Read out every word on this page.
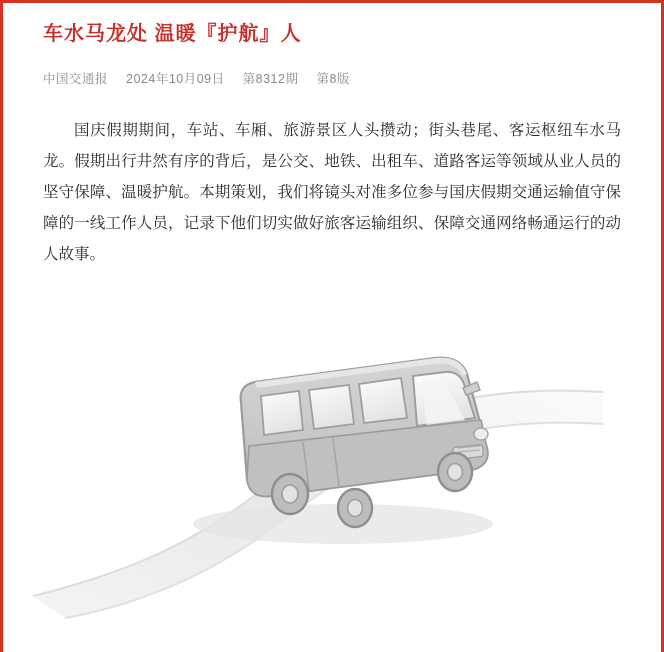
车水马龙处 温暖『护航』人
中国交通报 2024年10月09日 第8312期 第8版

国庆假期期间，车站、车厢、旅游景区人头攒动；街头巷尾、客运枢纽车水马龙。假期出行井然有序的背后，是公交、地铁、出租车、道路客运等领域从业人员的坚守保障、温暖护航。本期策划，我们将镜头对准多位参与国庆假期交通运输值守保障的一线工作人员，记录下他们切实做好旅客运输组织、保障交通网络畅通运行的动人故事。
